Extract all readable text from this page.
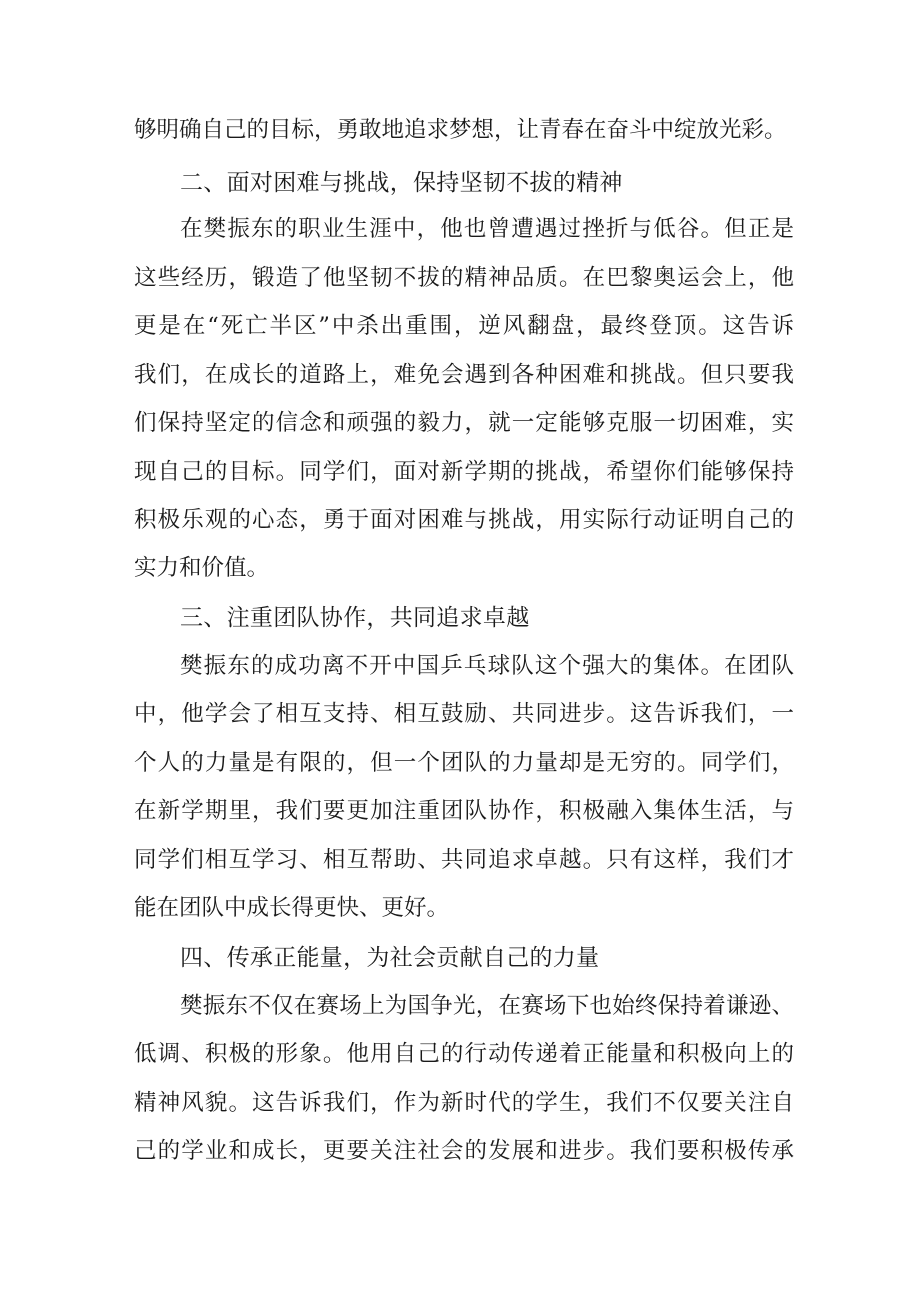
够明确自己的目标，勇敢地追求梦想，让青春在奋斗中绽放光彩。
二、面对困难与挑战，保持坚韧不拔的精神
在樊振东的职业生涯中，他也曾遭遇过挫折与低谷。但正是
这些经历，锻造了他坚韧不拔的精神品质。在巴黎奥运会上，他
更是在“死亡半区”中杀出重围，逆风翻盘，最终登顶。这告诉
我们，在成长的道路上，难免会遇到各种困难和挑战。但只要我
们保持坚定的信念和顽强的毅力，就一定能够克服一切困难，实
现自己的目标。同学们，面对新学期的挑战，希望你们能够保持
积极乐观的心态，勇于面对困难与挑战，用实际行动证明自己的
实力和价值。
三、注重团队协作，共同追求卓越
樊振东的成功离不开中国乒乓球队这个强大的集体。在团队
中，他学会了相互支持、相互鼓励、共同进步。这告诉我们，一
个人的力量是有限的，但一个团队的力量却是无穷的。同学们，
在新学期里，我们要更加注重团队协作，积极融入集体生活，与
同学们相互学习、相互帮助、共同追求卓越。只有这样，我们才
能在团队中成长得更快、更好。
四、传承正能量，为社会贡献自己的力量
樊振东不仅在赛场上为国争光，在赛场下也始终保持着谦逊、
低调、积极的形象。他用自己的行动传递着正能量和积极向上的
精神风貌。这告诉我们，作为新时代的学生，我们不仅要关注自
己的学业和成长，更要关注社会的发展和进步。我们要积极传承
